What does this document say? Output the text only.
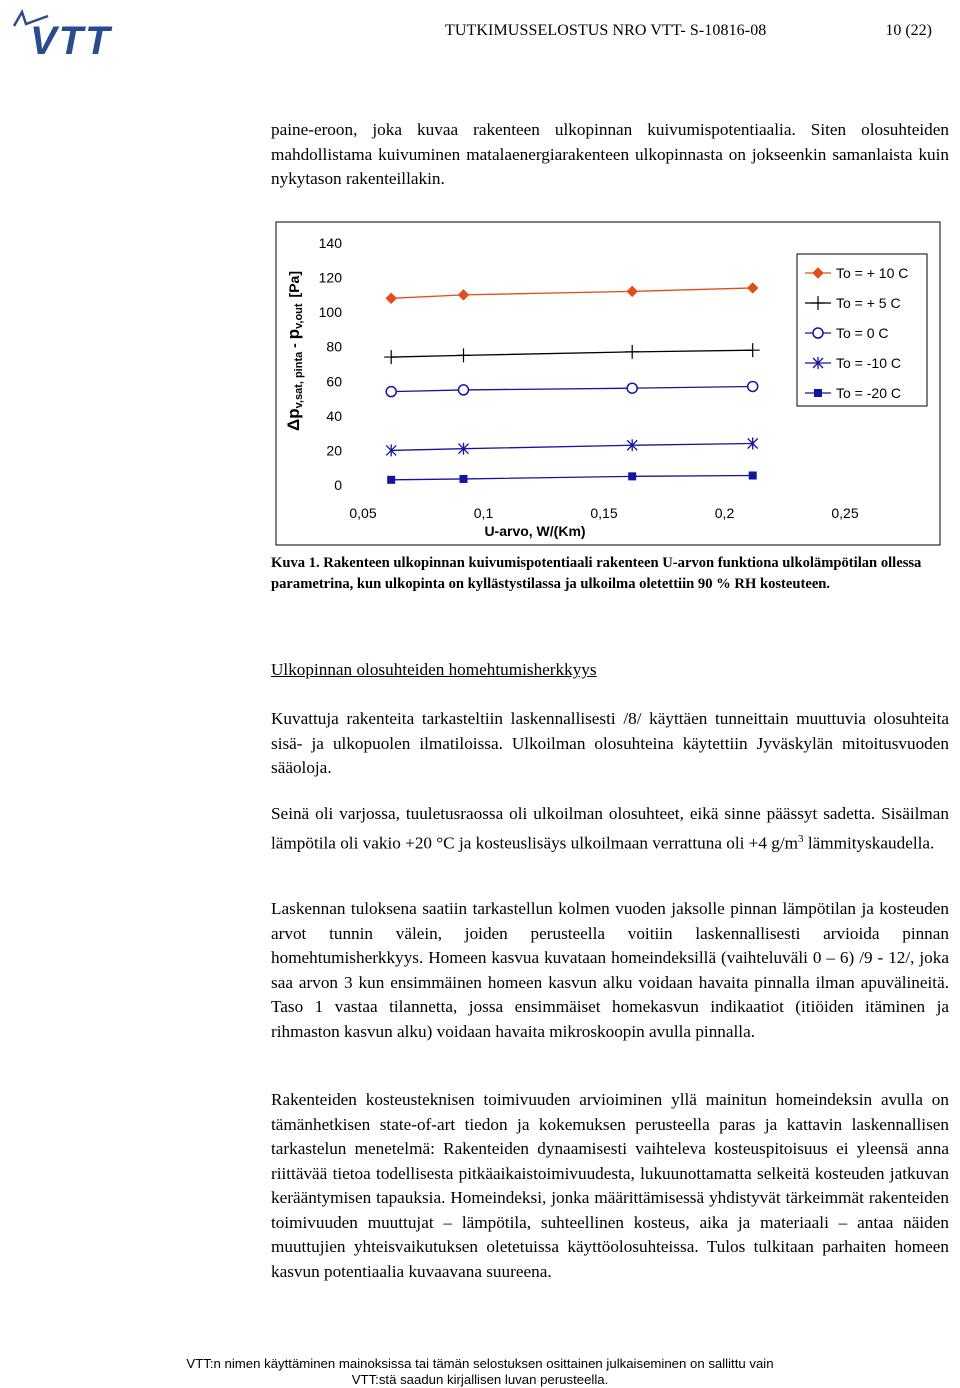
VTT	TUTKIMUSSELOSTUS NRO VTT- S-10816-08	10 (22)

paine-eroon, joka kuvaa rakenteen ulkopinnan kuivumispotentiaalia. Siten olosuhteiden mahdollistama kuivuminen matalaenergiarakenteen ulkopinnasta on jokseenkin samanlaista kuin nykytason rakenteillakin.

$\Delta p_{v,sat, pinta} - p_{v,out}[Pa]$
0
20
40
60
80
100
120
140
0,05	0,1	0,15	0,2	0,25
U-arvo, W/(Km)
To = + 10 C
To = + 5 C
To = 0 C
To = -10 C
To = -20 C

Kuva 1. Rakenteen ulkopinnan kuivumispotentiaali rakenteen U-arvon funktiona ulkolämpötilan ollessa parametrina, kun ulkopinta on kyllästystilassa ja ulkoilma oletettiin 90 % RH kosteuteen.

Ulkopinnan olosuhteiden homehtumisherkkyys

Kuvattuja rakenteita tarkasteltiin laskennallisesti /8/ käyttäen tunneittain muuttuvia olosuhteita sisä- ja ulkopuolen ilmatiloissa. Ulkoilman olosuhteina käytettiin Jyväskylän mitoitusvuoden sääoloja.

Seinä oli varjossa, tuuletusraossa oli ulkoilman olosuhteet, eikä sinne päässyt sadetta. Sisäilman lämpötila oli vakio +20 °C ja kosteuslisäys ulkoilmaan verrattuna oli +4 $g/m^3$ lämmityskaudella.

Laskennan tuloksena saatiin tarkastellun kolmen vuoden jaksolle pinnan lämpötilan ja kosteuden arvot tunnin välein, joiden perusteella voitiin laskennallisesti arvioida pinnan homehtumisherkkyys. Homeen kasvua kuvataan homeindeksillä (vaihteluväli 0 – 6) /9 - 12/, joka saa arvon 3 kun ensimmäinen homeen kasvun alku voidaan havaita pinnalla ilman apuvälineitä. Taso 1 vastaa tilannetta, jossa ensimmäiset homekasvun indikaatiot (itiöiden itäminen ja rihmaston kasvun alku) voidaan havaita mikroskoopin avulla pinnalla.

Rakenteiden kosteusteknisen toimivuuden arvioiminen yllä mainitun homeindeksin avulla on tämänhetkisen state-of-art tiedon ja kokemuksen perusteella paras ja kattavin laskennallisen tarkastelun menetelmä: Rakenteiden dynaamisesti vaihteleva kosteuspitoisuus ei yleensä anna riittävää tietoa todellisesta pitkäaikaistoimivuudesta, lukuunottamatta selkeitä kosteuden jatkuvan kerääntymisen tapauksia. Homeindeksi, jonka määrittämisessä yhdistyvät tärkeimmät rakenteiden toimivuuden muuttujat – lämpötila, suhteellinen kosteus, aika ja materiaali – antaa näiden muuttujien yhteisvaikutuksen oletetuissa käyttöolosuhteissa. Tulos tulkitaan parhaiten homeen kasvun potentiaalia kuvaavana suureena.

VTT:n nimen käyttäminen mainoksissa tai tämän selostuksen osittainen julkaiseminen on sallittu vain
VTT:stä saadun kirjallisen luvan perusteella.
